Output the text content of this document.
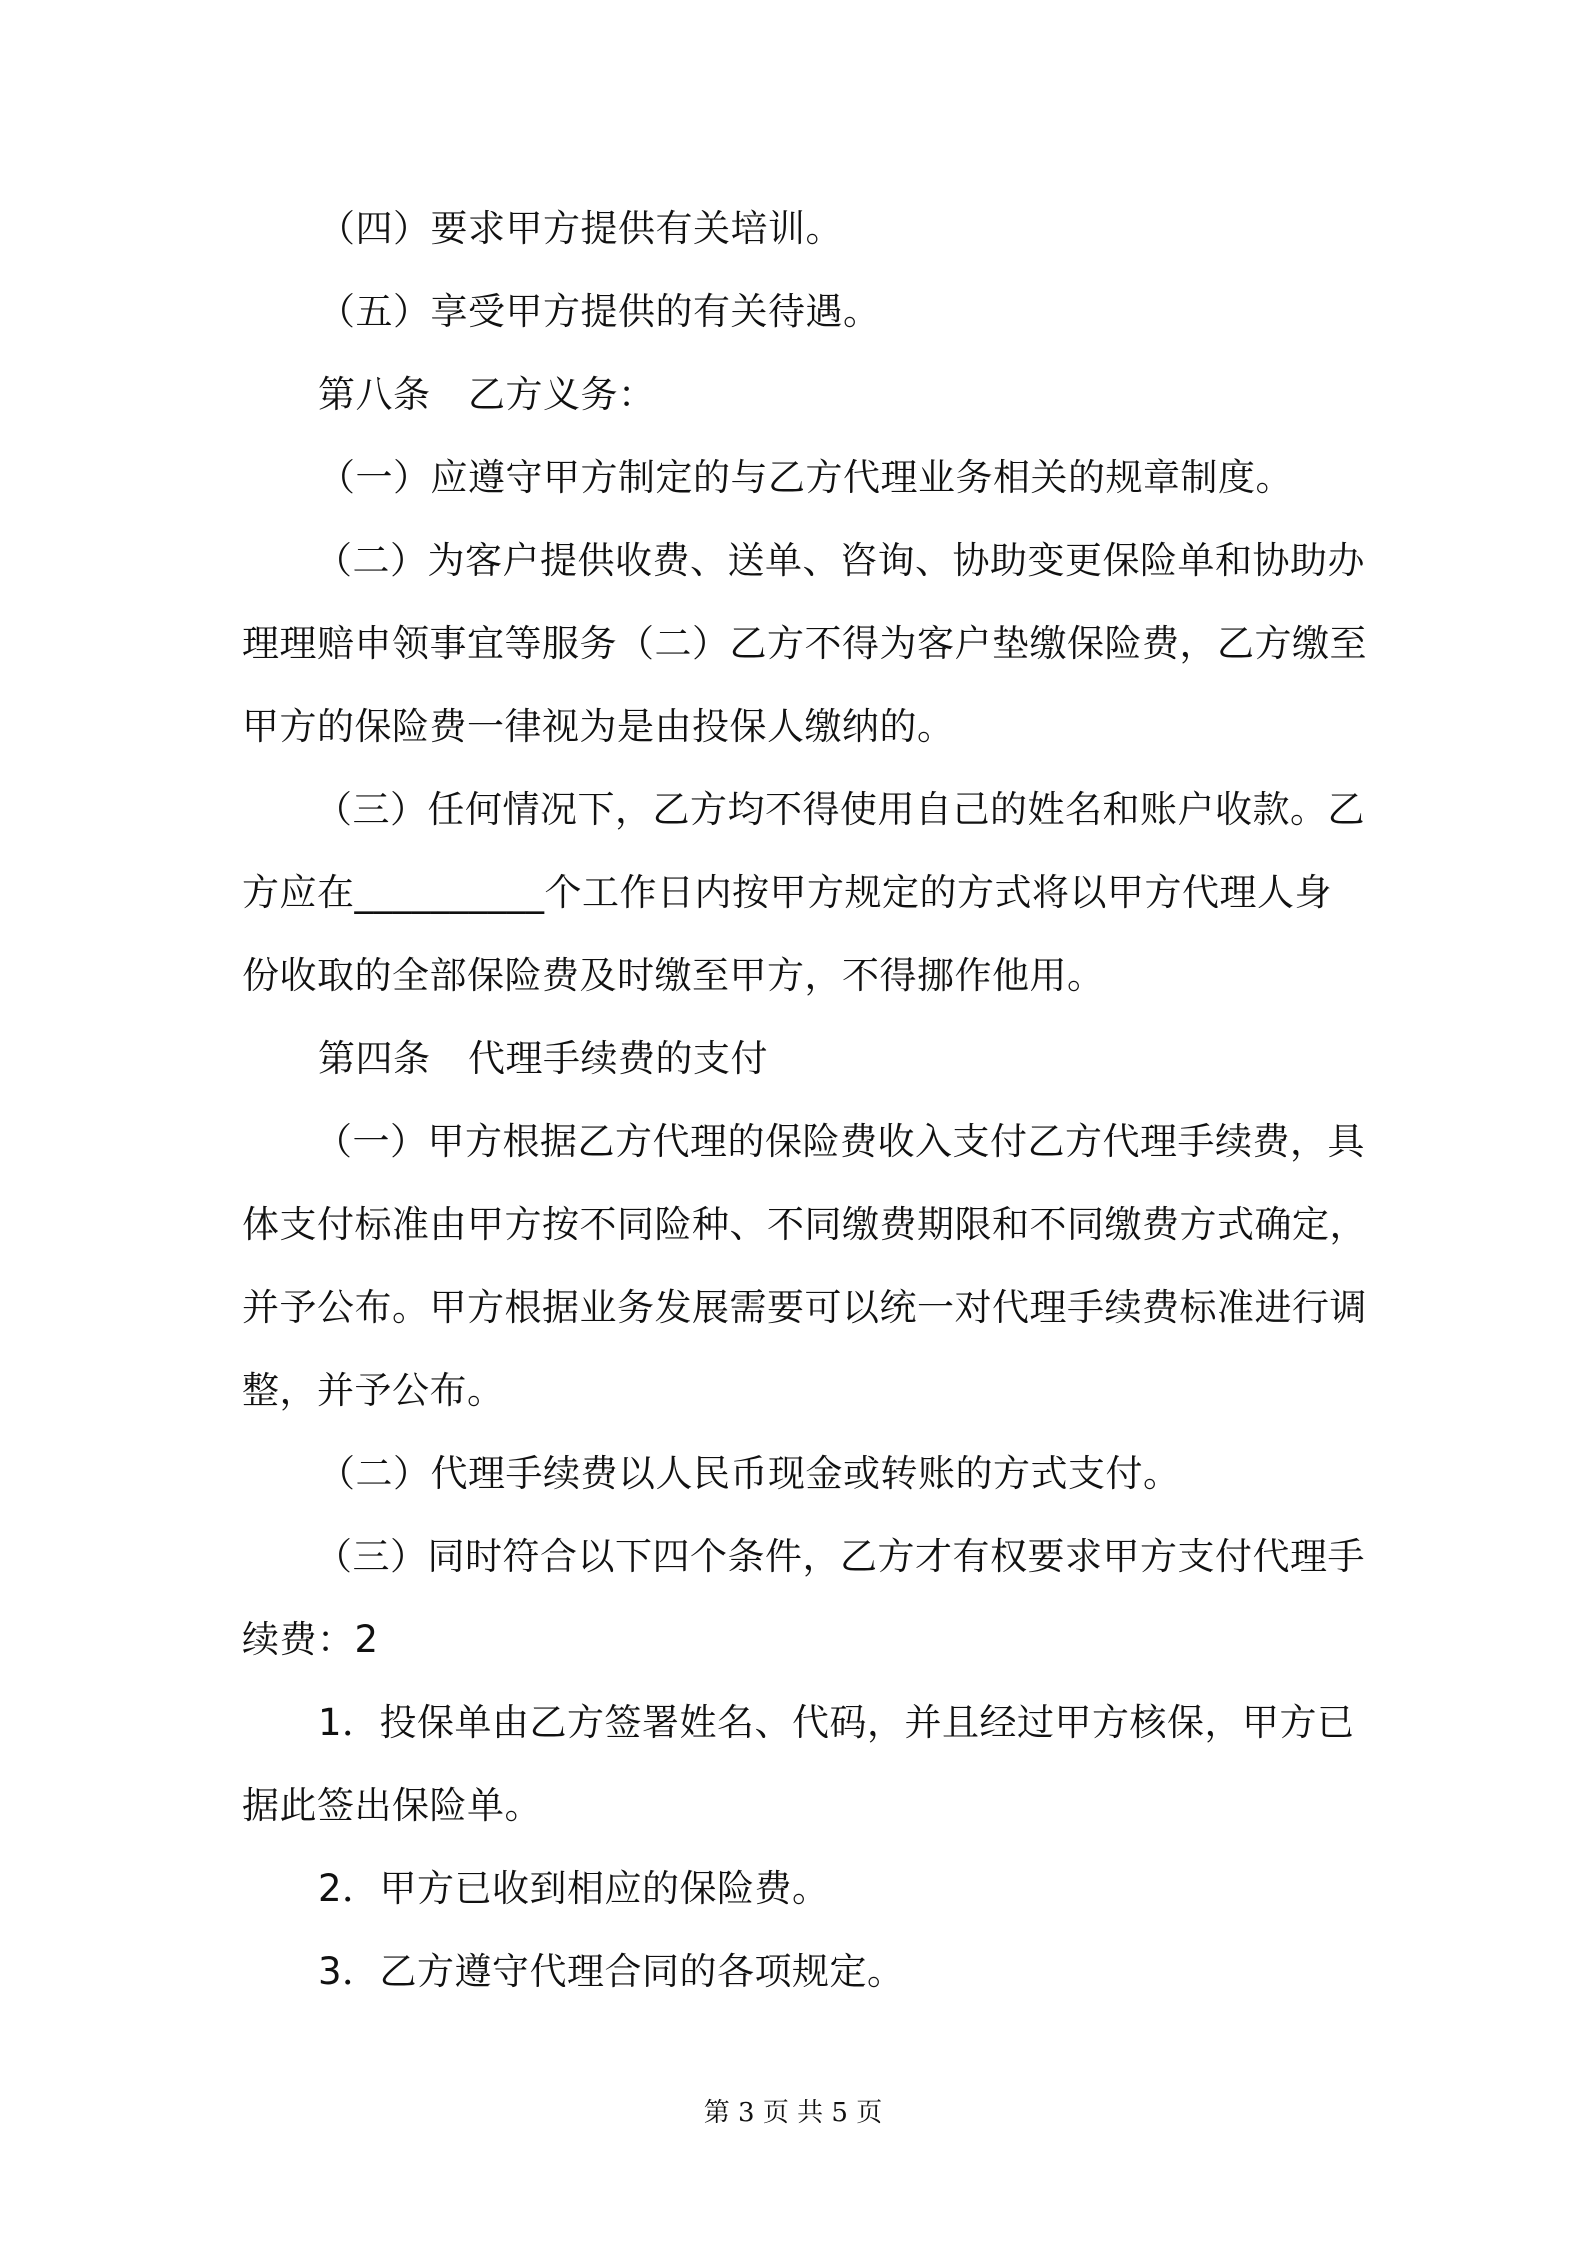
（四）要求甲方提供有关培训。
（五）享受甲方提供的有关待遇。
第八条　乙方义务：
（一）应遵守甲方制定的与乙方代理业务相关的规章制度。
（二）为客户提供收费、送单、咨询、协助变更保险单和协助办
理理赔申领事宜等服务（二）乙方不得为客户垫缴保险费，乙方缴至
甲方的保险费一律视为是由投保人缴纳的。
（三）任何情况下，乙方均不得使用自己的姓名和账户收款。乙
方应在__________个工作日内按甲方规定的方式将以甲方代理人身
份收取的全部保险费及时缴至甲方，不得挪作他用。
第四条　代理手续费的支付
（一）甲方根据乙方代理的保险费收入支付乙方代理手续费，具
体支付标准由甲方按不同险种、不同缴费期限和不同缴费方式确定，
并予公布。甲方根据业务发展需要可以统一对代理手续费标准进行调
整，并予公布。
（二）代理手续费以人民币现金或转账的方式支付。
（三）同时符合以下四个条件，乙方才有权要求甲方支付代理手
续费：2
1．投保单由乙方签署姓名、代码，并且经过甲方核保，甲方已
据此签出保险单。
2．甲方已收到相应的保险费。
3．乙方遵守代理合同的各项规定。
第 3 页 共 5 页
